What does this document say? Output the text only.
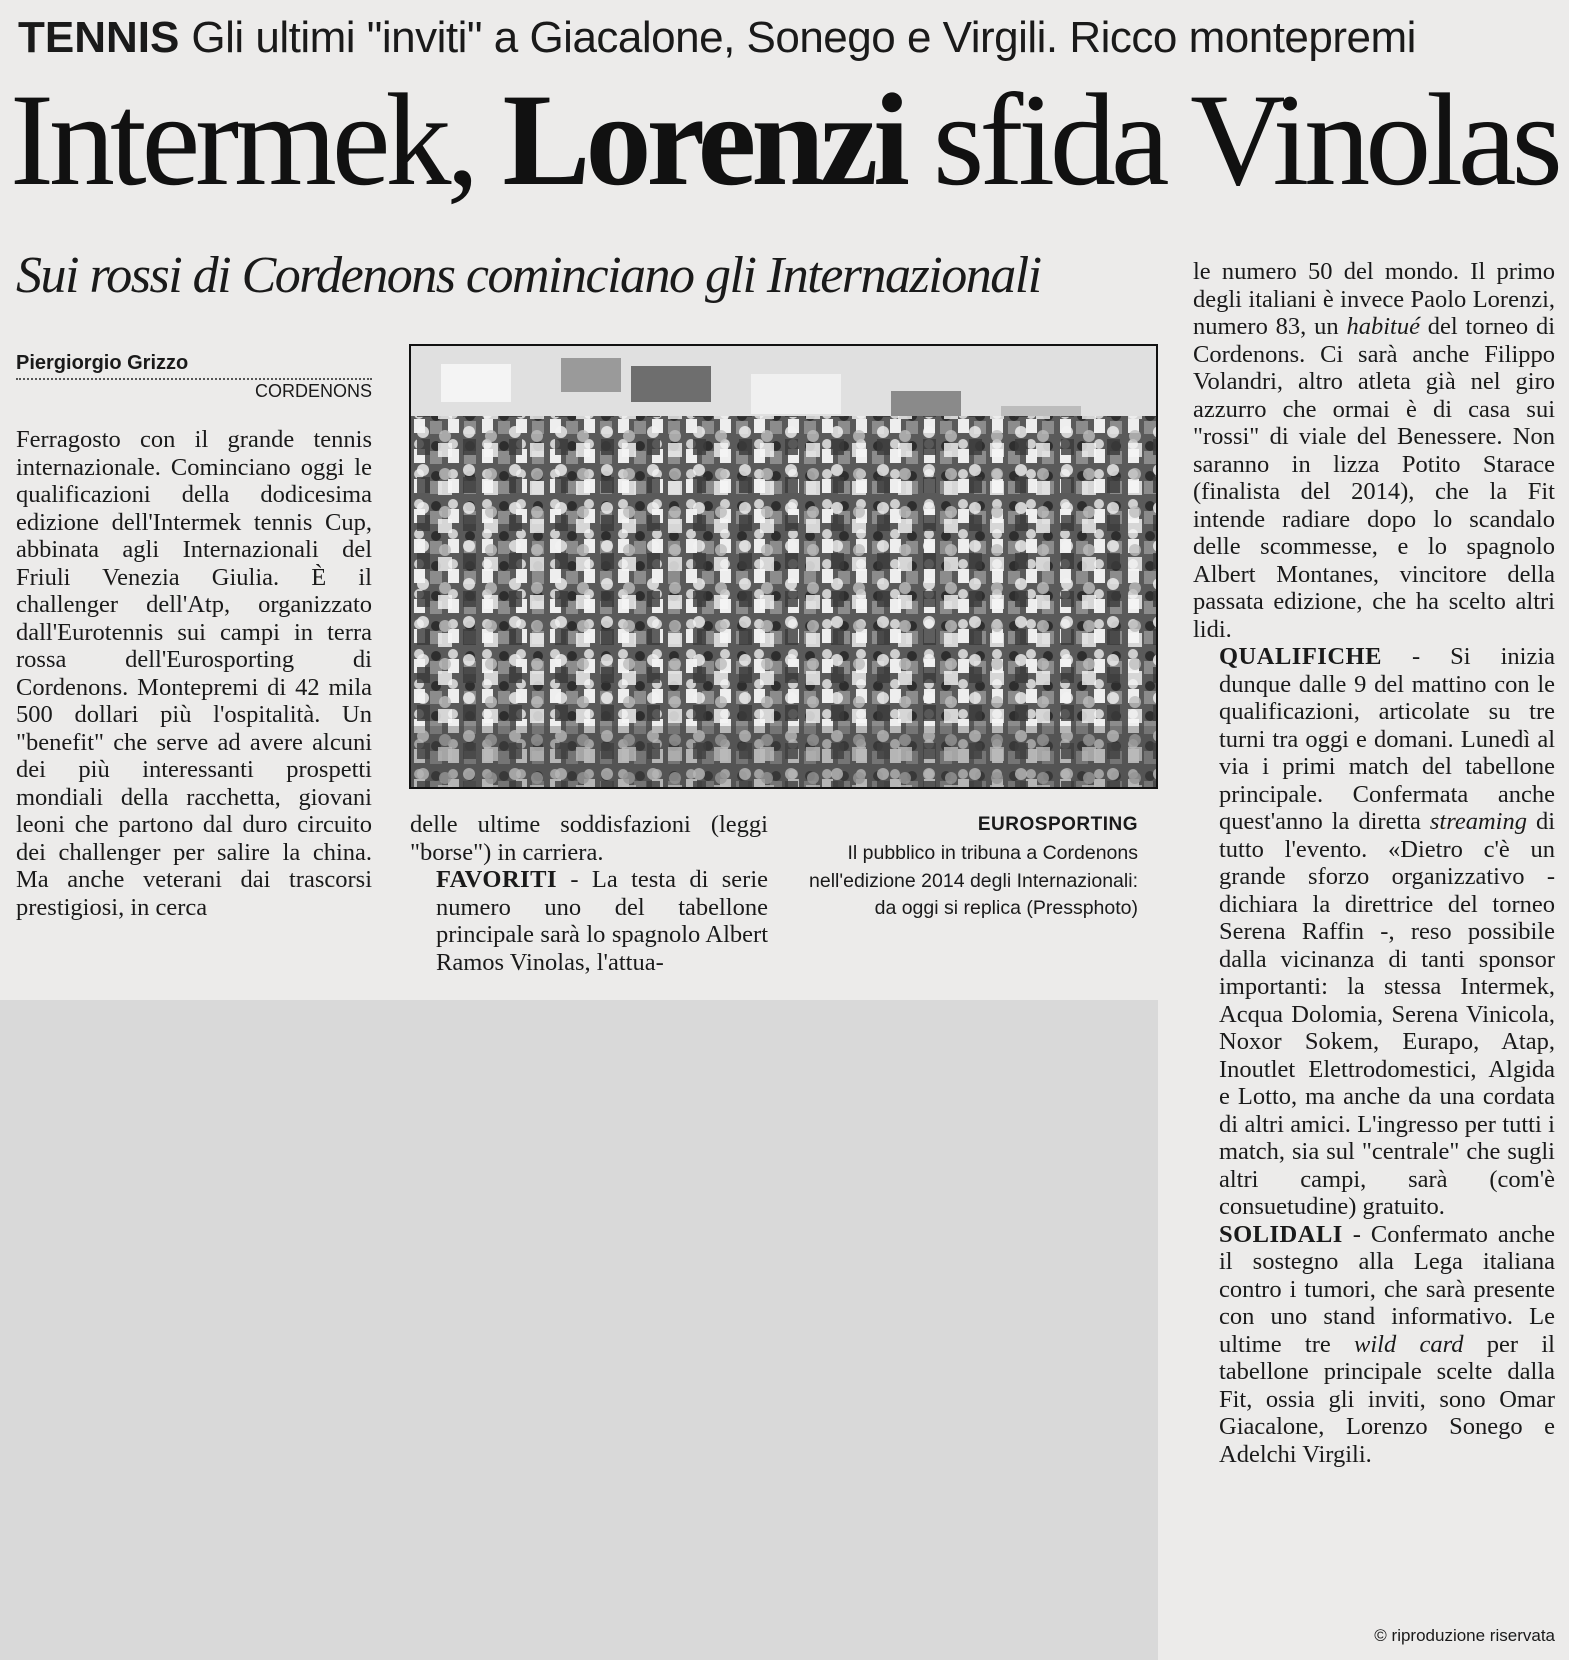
TENNIS Gli ultimi "inviti" a Giacalone, Sonego e Virgili. Ricco montepremi
Intermek, Lorenzi sfida Vinolas
Sui rossi di Cordenons cominciano gli Internazionali
Piergiorgio Grizzo
CORDENONS

Ferragosto con il grande tennis internazionale. Cominciano oggi le qualificazioni della dodicesima edizione dell'Intermek tennis Cup, abbinata agli Internazionali del Friuli Venezia Giulia. È il challenger dell'Atp, organizzato dall'Eurotennis sui campi in terra rossa dell'Eurosporting di Cordenons. Montepremi di 42 mila 500 dollari più l'ospitalità. Un "benefit" che serve ad avere alcuni dei più interessanti prospetti mondiali della racchetta, giovani leoni che partono dal duro circuito dei challenger per salire la china. Ma anche veterani dai trascorsi prestigiosi, in cerca

EUROSPORTING
Il pubblico in tribuna a Cordenons nell'edizione 2014 degli Internazionali: da oggi si replica (Pressphoto)

delle ultime soddisfazioni (leggi "borse") in carriera.

FAVORITI - La testa di serie numero uno del tabellone principale sarà lo spagnolo Albert Ramos Vinolas, l'attua-

le numero 50 del mondo. Il primo degli italiani è invece Paolo Lorenzi, numero 83, un habitué del torneo di Cordenons. Ci sarà anche Filippo Volandri, altro atleta già nel giro azzurro che ormai è di casa sui "rossi" di viale del Benessere. Non saranno in lizza Potito Starace (finalista del 2014), che la Fit intende radiare dopo lo scandalo delle scommesse, e lo spagnolo Albert Montanes, vincitore della passata edizione, che ha scelto altri lidi.

QUALIFICHE - Si inizia dunque dalle 9 del mattino con le qualificazioni, articolate su tre turni tra oggi e domani. Lunedì al via i primi match del tabellone principale. Confermata anche quest'anno la diretta streaming di tutto l'evento. «Dietro c'è un grande sforzo organizzativo - dichiara la direttrice del torneo Serena Raffin -, reso possibile dalla vicinanza di tanti sponsor importanti: la stessa Intermek, Acqua Dolomia, Serena Vinicola, Noxor Sokem, Eurapo, Atap, Inoutlet Elettrodomestici, Algida e Lotto, ma anche da una cordata di altri amici. L'ingresso per tutti i match, sia sul "centrale" che sugli altri campi, sarà (com'è consuetudine) gratuito.

SOLIDALI - Confermato anche il sostegno alla Lega italiana contro i tumori, che sarà presente con uno stand informativo. Le ultime tre wild card per il tabellone principale scelte dalla Fit, ossia gli inviti, sono Omar Giacalone, Lorenzo Sonego e Adelchi Virgili.

© riproduzione riservata
